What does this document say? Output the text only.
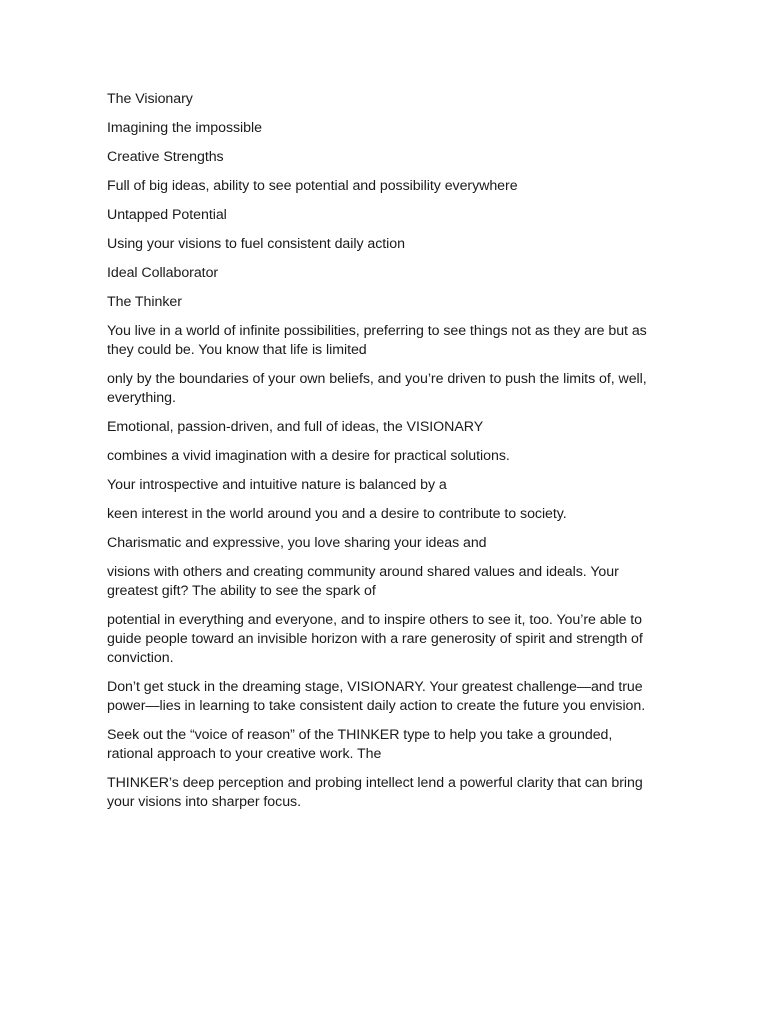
The Visionary

Imagining the impossible

Creative Strengths

Full of big ideas, ability to see potential and possibility everywhere

Untapped Potential

Using your visions to fuel consistent daily action

Ideal Collaborator

The Thinker

You live in a world of infinite possibilities, preferring to see things not as they are but as they could be. You know that life is limited

only by the boundaries of your own beliefs, and you’re driven to push the limits of, well, everything.

Emotional, passion-driven, and full of ideas, the VISIONARY

combines a vivid imagination with a desire for practical solutions.

Your introspective and intuitive nature is balanced by a

keen interest in the world around you and a desire to contribute to society.

Charismatic and expressive, you love sharing your ideas and

visions with others and creating community around shared values and ideals. Your greatest gift? The ability to see the spark of

potential in everything and everyone, and to inspire others to see it, too. You’re able to guide people toward an invisible horizon with a rare generosity of spirit and strength of conviction.

Don’t get stuck in the dreaming stage, VISIONARY. Your greatest challenge—and true power—lies in learning to take consistent daily action to create the future you envision.

Seek out the “voice of reason” of the THINKER type to help you take a grounded, rational approach to your creative work. The

THINKER’s deep perception and probing intellect lend a powerful clarity that can bring your visions into sharper focus.
